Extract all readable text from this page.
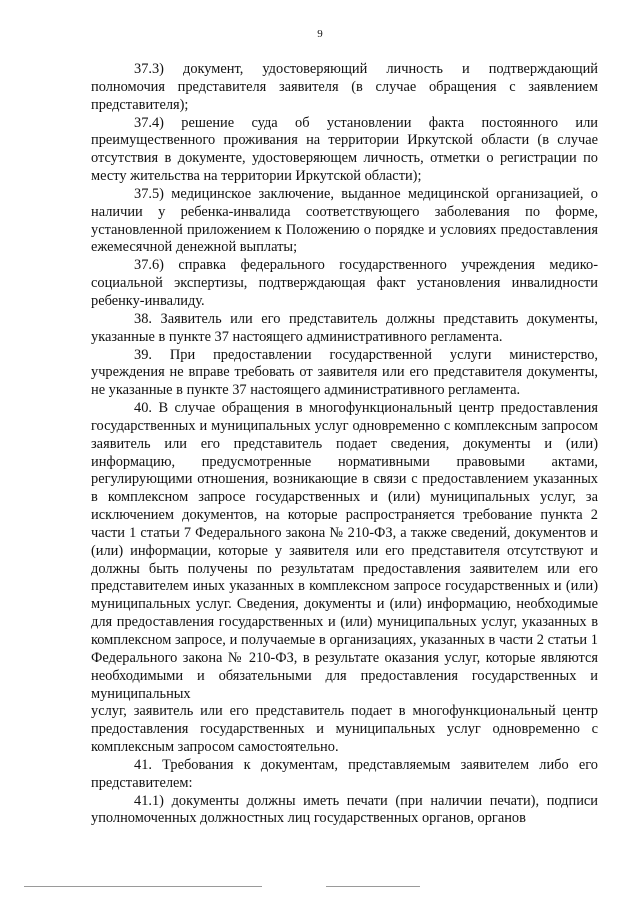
9

37.3) документ, удостоверяющий личность и подтверждающий полномочия представителя заявителя (в случае обращения с заявлением представителя);

37.4) решение суда об установлении факта постоянного или преимущественного проживания на территории Иркутской области (в случае отсутствия в документе, удостоверяющем личность, отметки о регистрации по месту жительства на территории Иркутской области);

37.5) медицинское заключение, выданное медицинской организацией, о наличии у ребенка-инвалида соответствующего заболевания по форме, установленной приложением к Положению о порядке и условиях предоставления ежемесячной денежной выплаты;

37.6) справка федерального государственного учреждения медико-социальной экспертизы, подтверждающая факт установления инвалидности ребенку-инвалиду.

38. Заявитель или его представитель должны представить документы, указанные в пункте 37 настоящего административного регламента.

39. При предоставлении государственной услуги министерство, учреждения не вправе требовать от заявителя или его представителя документы, не указанные в пункте 37 настоящего административного регламента.

40. В случае обращения в многофункциональный центр предоставления государственных и муниципальных услуг одновременно с комплексным запросом заявитель или его представитель подает сведения, документы и (или) информацию, предусмотренные нормативными правовыми актами, регулирующими отношения, возникающие в связи с предоставлением указанных в комплексном запросе государственных и (или) муниципальных услуг, за исключением документов, на которые распространяется требование пункта 2 части 1 статьи 7 Федерального закона № 210-ФЗ, а также сведений, документов и (или) информации, которые у заявителя или его представителя отсутствуют и должны быть получены по результатам предоставления заявителем или его представителем иных указанных в комплексном запросе государственных и (или) муниципальных услуг. Сведения, документы и (или) информацию, необходимые для предоставления государственных и (или) муниципальных услуг, указанных в комплексном запросе, и получаемые в организациях, указанных в части 2 статьи 1 Федерального закона № 210-ФЗ, в результате оказания услуг, которые являются необходимыми и обязательными для предоставления государственных и муниципальных

услуг, заявитель или его представитель подает в многофункциональный центр предоставления государственных и муниципальных услуг одновременно с комплексным запросом самостоятельно.

41. Требования к документам, представляемым заявителем либо его представителем:

41.1) документы должны иметь печати (при наличии печати), подписи уполномоченных должностных лиц государственных органов, органов
